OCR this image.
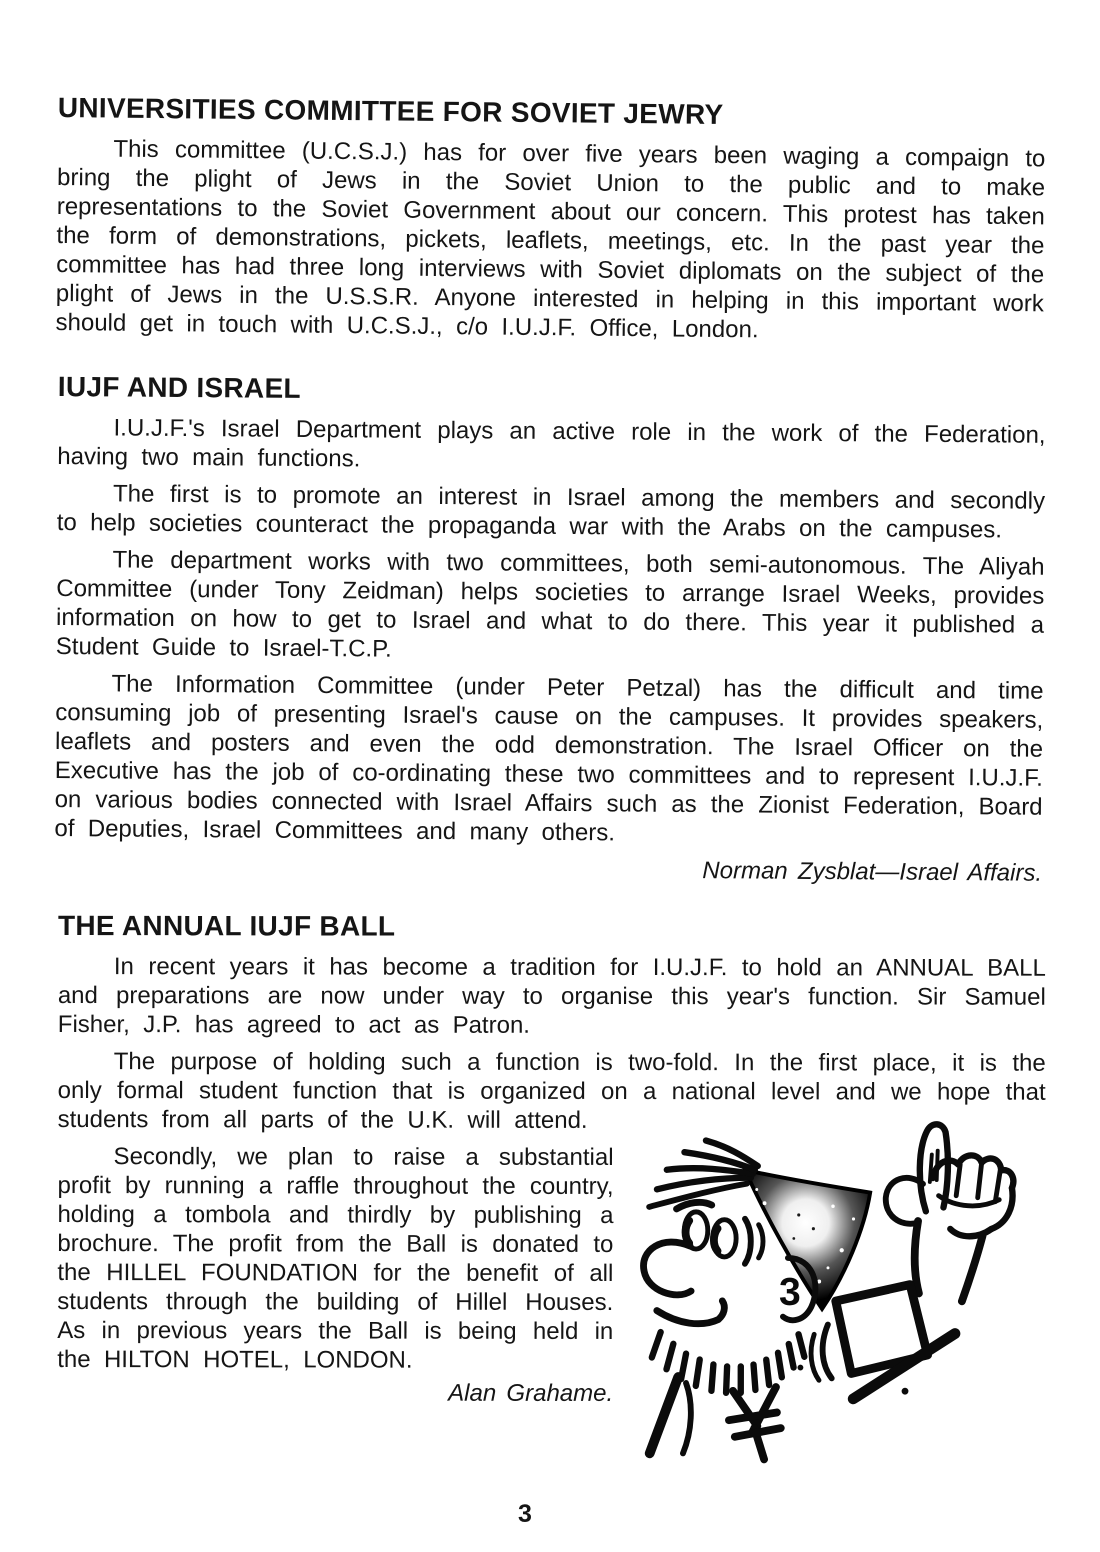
UNIVERSITIES COMMITTEE FOR SOVIET JEWRY

This committee (U.C.S.J.) has for over five years been waging a compaign to bring the plight of Jews in the Soviet Union to the public and to make representations to the Soviet Government about our concern. This protest has taken the form of demonstrations, pickets, leaflets, meetings, etc. In the past year the committee has had three long interviews with Soviet diplomats on the subject of the plight of Jews in the U.S.S.R. Anyone interested in helping in this important work should get in touch with U.C.S.J., c/o I.U.J.F. Office, London.

IUJF AND ISRAEL

I.U.J.F.'s Israel Department plays an active role in the work of the Federation, having two main functions.

The first is to promote an interest in Israel among the members and secondly to help societies counteract the propaganda war with the Arabs on the campuses.

The department works with two committees, both semi-autonomous. The Aliyah Committee (under Tony Zeidman) helps societies to arrange Israel Weeks, provides information on how to get to Israel and what to do there. This year it published a Student Guide to Israel-T.C.P.

The Information Committee (under Peter Petzal) has the difficult and time consuming job of presenting Israel's cause on the campuses. It provides speakers, leaflets and posters and even the odd demonstration. The Israel Officer on the Executive has the job of co-ordinating these two committees and to represent I.U.J.F. on various bodies connected with Israel Affairs such as the Zionist Federation, Board of Deputies, Israel Committees and many others.

Norman Zysblat—Israel Affairs.

THE ANNUAL IUJF BALL

In recent years it has become a tradition for I.U.J.F. to hold an ANNUAL BALL and preparations are now under way to organise this year's function. Sir Samuel Fisher, J.P. has agreed to act as Patron.

The purpose of holding such a function is two-fold. In the first place, it is the only formal student function that is organized on a national level and we hope that students from all parts of the U.K. will attend.

Secondly, we plan to raise a substantial profit by running a raffle throughout the country, holding a tombola and thirdly by publishing a brochure. The profit from the Ball is donated to the HILLEL FOUNDATION for the benefit of all students through the building of Hillel Houses. As in previous years the Ball is being held in the HILTON HOTEL, LONDON.

Alan Grahame.

3
3
